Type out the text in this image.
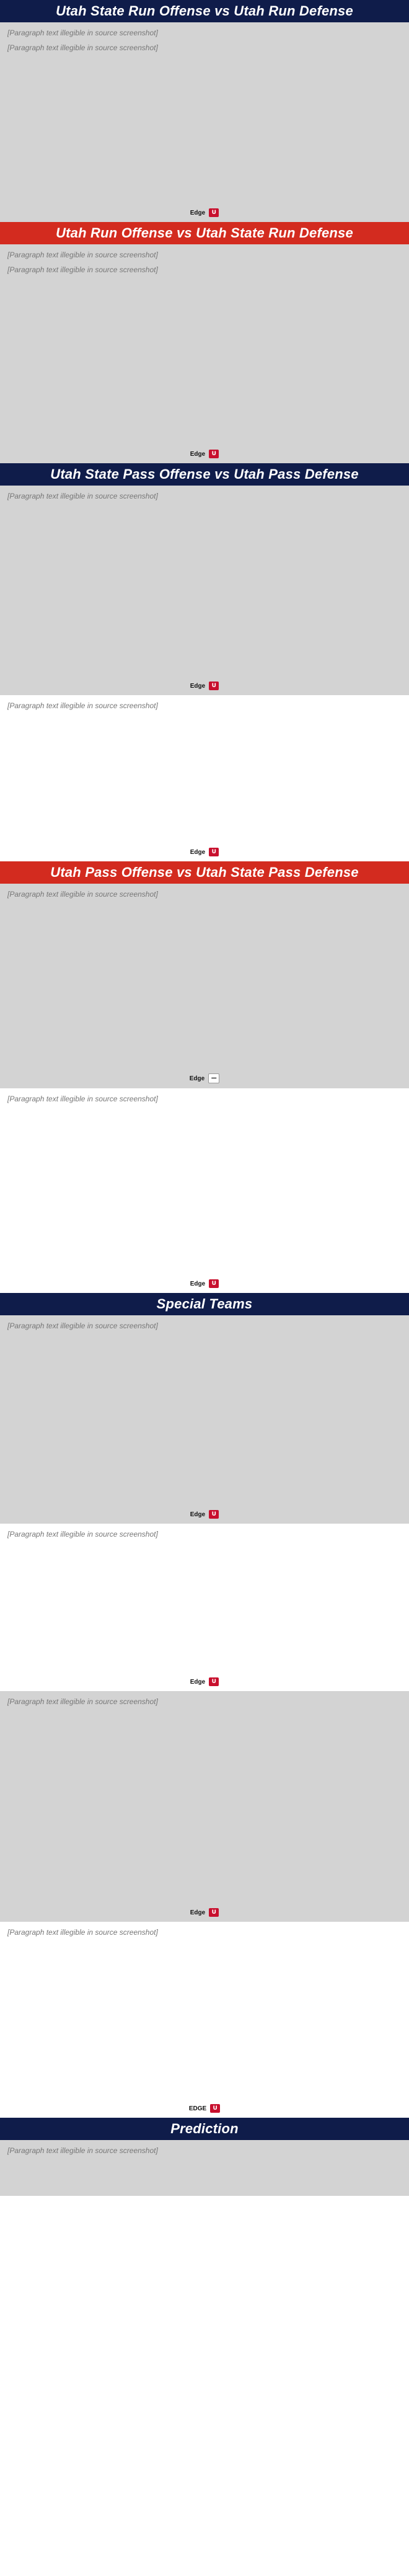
Utah State Run Offense vs Utah Run Defense

[Paragraph text illegible in source screenshot]

[Paragraph text illegible in source screenshot]

Edge	U
Utah Run Offense vs Utah State Run Defense

[Paragraph text illegible in source screenshot]

[Paragraph text illegible in source screenshot]

Edge	U
Utah State Pass Offense vs Utah Pass Defense

[Paragraph text illegible in source screenshot]

Edge	U

[Paragraph text illegible in source screenshot]

Edge	U
Utah Pass Offense vs Utah State Pass Defense

[Paragraph text illegible in source screenshot]

Edge	—

[Paragraph text illegible in source screenshot]

Edge	U
Special Teams

[Paragraph text illegible in source screenshot]

Edge	U

[Paragraph text illegible in source screenshot]

Edge	U

[Paragraph text illegible in source screenshot]

Edge	U

[Paragraph text illegible in source screenshot]

EDGE	U
Prediction

[Paragraph text illegible in source screenshot]
